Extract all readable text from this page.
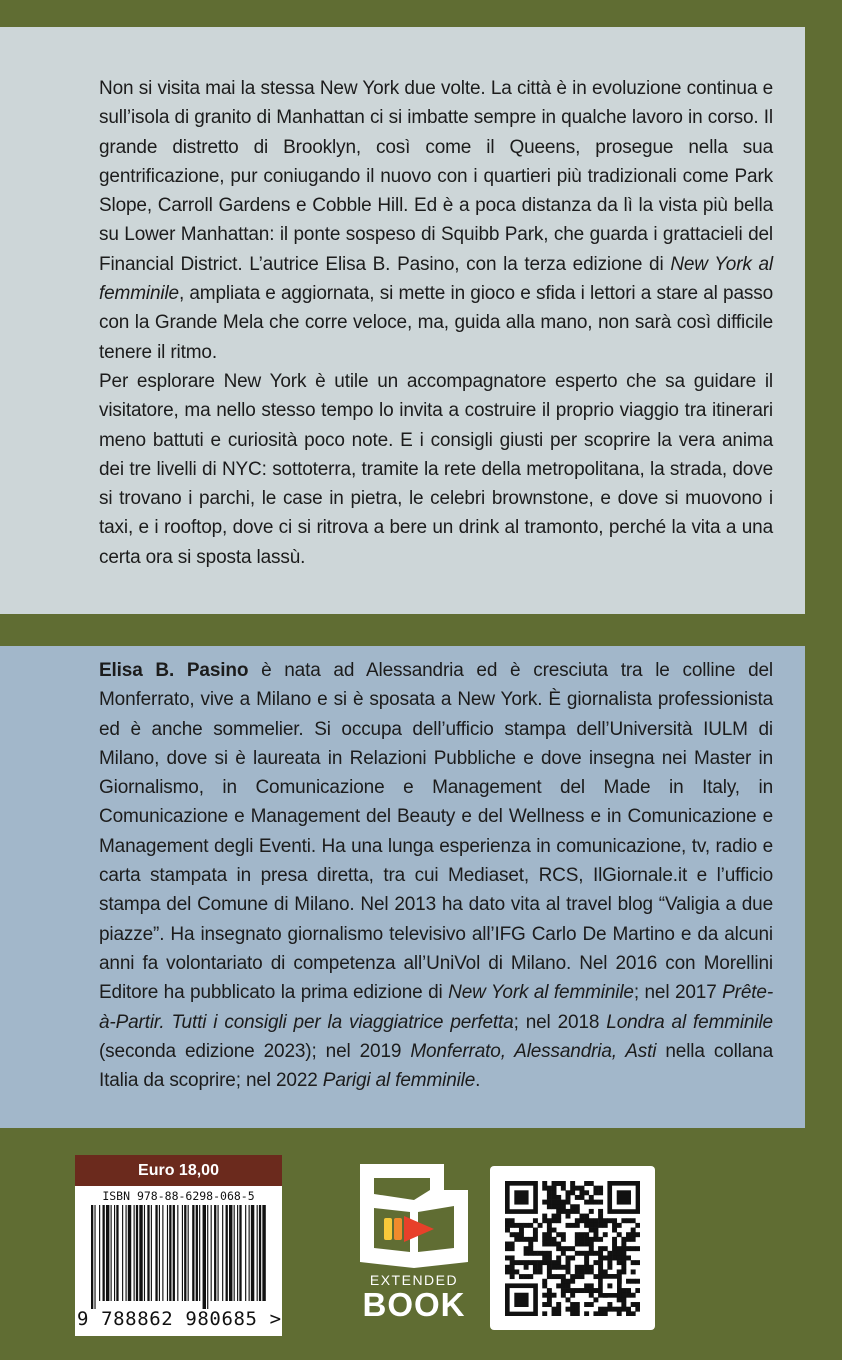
Non si visita mai la stessa New York due volte. La città è in evoluzione continua e sull’isola di granito di Manhattan ci si imbatte sempre in qualche lavoro in corso. Il grande distretto di Brooklyn, così come il Queens, prosegue nella sua gentrificazione, pur coniugando il nuovo con i quartieri più tradizionali come Park Slope, Carroll Gardens e Cobble Hill. Ed è a poca distanza da lì la vista più bella su Lower Manhattan: il ponte sospeso di Squibb Park, che guarda i grattacieli del Financial District. L’autrice Elisa B. Pasino, con la terza edizione di New York al femminile, ampliata e aggiornata, si mette in gioco e sfida i lettori a stare al passo con la Grande Mela che corre veloce, ma, guida alla mano, non sarà così difficile tenere il ritmo.

Per esplorare New York è utile un accompagnatore esperto che sa guidare il visitatore, ma nello stesso tempo lo invita a costruire il proprio viaggio tra itinerari meno battuti e curiosità poco note. E i consigli giusti per scoprire la vera anima dei tre livelli di NYC: sottoterra, tramite la rete della metropolitana, la strada, dove si trovano i parchi, le case in pietra, le celebri brownstone, e dove si muovono i taxi, e i rooftop, dove ci si ritrova a bere un drink al tramonto, perché la vita a una certa ora si sposta lassù.

Elisa B. Pasino è nata ad Alessandria ed è cresciuta tra le colline del Monferrato, vive a Milano e si è sposata a New York. È giornalista professionista ed è anche sommelier. Si occupa dell’ufficio stampa dell’Università IULM di Milano, dove si è laureata in Relazioni Pubbliche e dove insegna nei Master in Giornalismo, in Comunicazione e Management del Made in Italy, in Comunicazione e Management del Beauty e del Wellness e in Comunicazione e Management degli Eventi. Ha una lunga esperienza in comunicazione, tv, radio e carta stampata in presa diretta, tra cui Mediaset, RCS, IlGiornale.it e l’ufficio stampa del Comune di Milano. Nel 2013 ha dato vita al travel blog “Valigia a due piazze”. Ha insegnato giornalismo televisivo all’IFG Carlo De Martino e da alcuni anni fa volontariato di competenza all’UniVol di Milano. Nel 2016 con Morellini Editore ha pubblicato la prima edizione di New York al femminile; nel 2017 Prête-à-Partir. Tutti i consigli per la viaggiatrice perfetta; nel 2018 Londra al femminile (seconda edizione 2023); nel 2019 Monferrato, Alessandria, Asti nella collana Italia da scoprire; nel 2022 Parigi al femminile.

Euro 18,00
ISBN 978-88-6298-068-5
9 788862 980685 >
EXTENDED
BOOK
